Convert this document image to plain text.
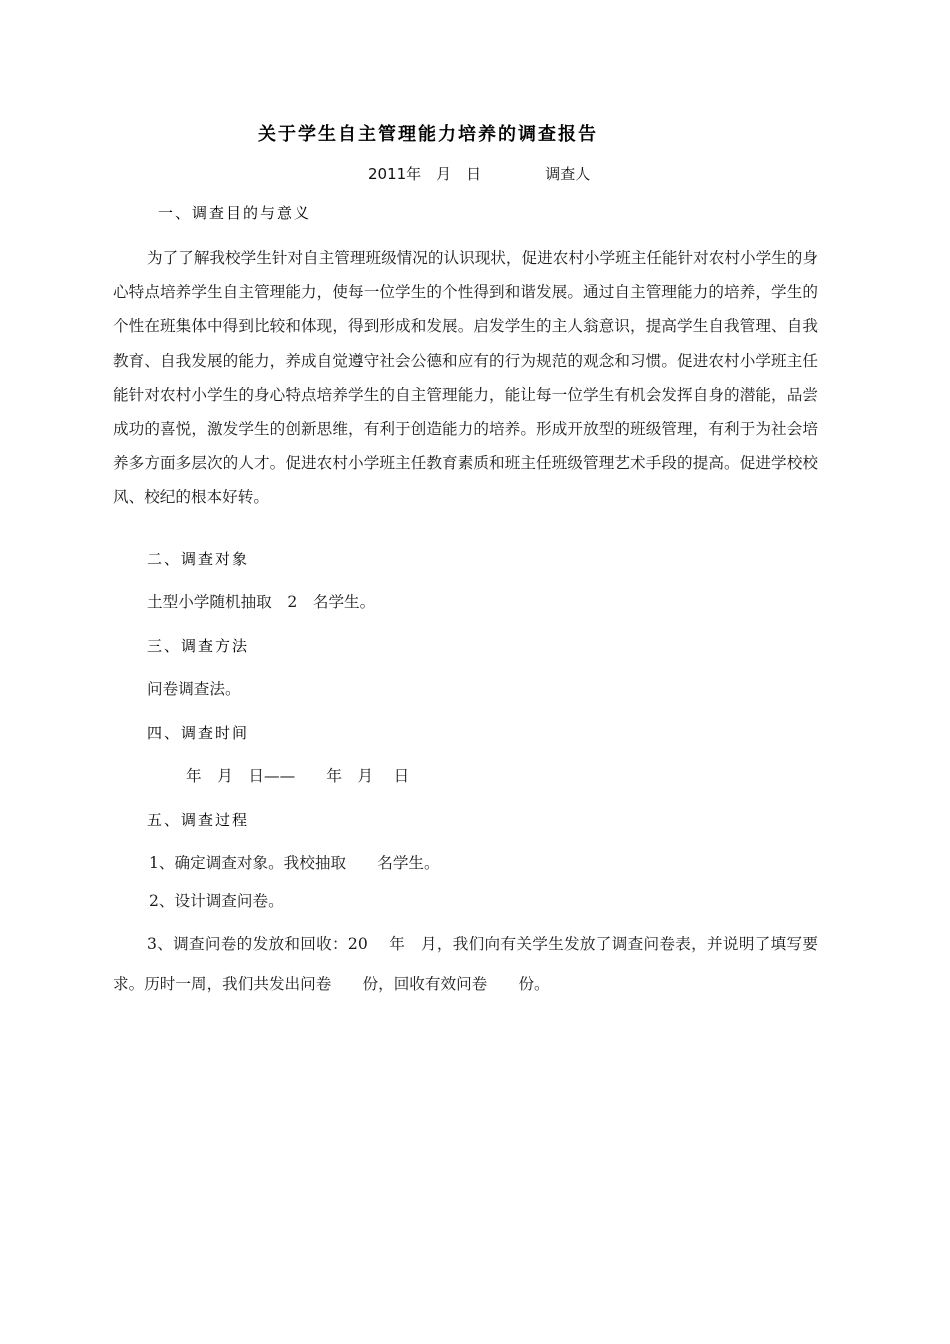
关于学生自主管理能力培养的调查报告
2011年　月　日	调查人
一、调查目的与意义
为了了解我校学生针对自主管理班级情况的认识现状，促进农村小学班主任能针对农村小学生的身心特点培养学生自主管理能力，使每一位学生的个性得到和谐发展。通过自主管理能力的培养，学生的个性在班集体中得到比较和体现，得到形成和发展。启发学生的主人翁意识，提高学生自我管理、自我教育、自我发展的能力，养成自觉遵守社会公德和应有的行为规范的观念和习惯。促进农村小学班主任能针对农村小学生的身心特点培养学生的自主管理能力，能让每一位学生有机会发挥自身的潜能，品尝成功的喜悦，激发学生的创新思维，有利于创造能力的培养。形成开放型的班级管理，有利于为社会培养多方面多层次的人才。促进农村小学班主任教育素质和班主任班级管理艺术手段的提高。促进学校校风、校纪的根本好转。
二、调查对象
土型小学随机抽取　2　名学生。
三、调查方法
问卷调查法。
四、调查时间
年　月　日——　　年　月　 日
五、调查过程
1、确定调查对象。我校抽取　　名学生。
2、设计调查问卷。
3、调查问卷的发放和回收：20　 年　月，我们向有关学生发放了调查问卷表，并说明了填写要求。历时一周，我们共发出问卷　　份，回收有效问卷　　份。
